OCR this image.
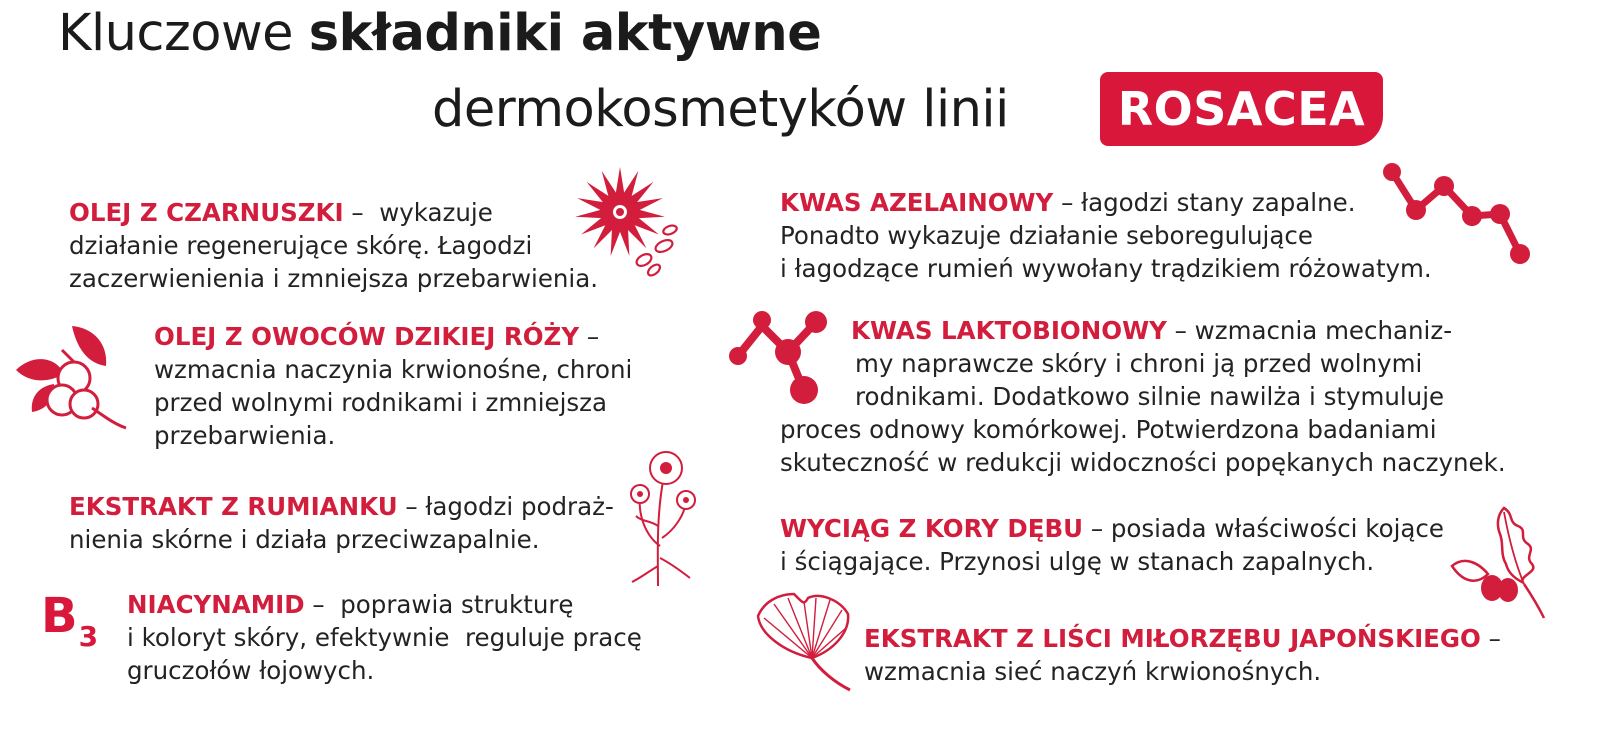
Kluczowe składniki aktywne
dermokosmetyków linii	ROSACEA
OLEJ Z CZARNUSZKI –  wykazuje
działanie regenerujące skórę. Łagodzi
zaczerwienienia i zmniejsza przebarwienia.
OLEJ Z OWOCÓW DZIKIEJ RÓŻY –
wzmacnia naczynia krwionośne, chroni
przed wolnymi rodnikami i zmniejsza
przebarwienia.
EKSTRAKT Z RUMIANKU – łagodzi podraż-
nienia skórne i działa przeciwzapalnie.
$B_3$
NIACYNAMID –  poprawia strukturę
i koloryt skóry, efektywnie  reguluje pracę
gruczołów łojowych.
KWAS AZELAINOWY – łagodzi stany zapalne.
Ponadto wykazuje działanie seboregulujące
i łagodzące rumień wywołany trądzikiem różowatym.
KWAS LAKTOBIONOWY – wzmacnia mechaniz-
my naprawcze skóry i chroni ją przed wolnymi
rodnikami. Dodatkowo silnie nawilża i stymuluje
proces odnowy komórkowej. Potwierdzona badaniami
skuteczność w redukcji widoczności popękanych naczynek.
WYCIĄG Z KORY DĘBU – posiada właściwości kojące
i ściągające. Przynosi ulgę w stanach zapalnych.
EKSTRAKT Z LIŚCI MIŁORZĘBU JAPOŃSKIEGO –
wzmacnia sieć naczyń krwionośnych.
